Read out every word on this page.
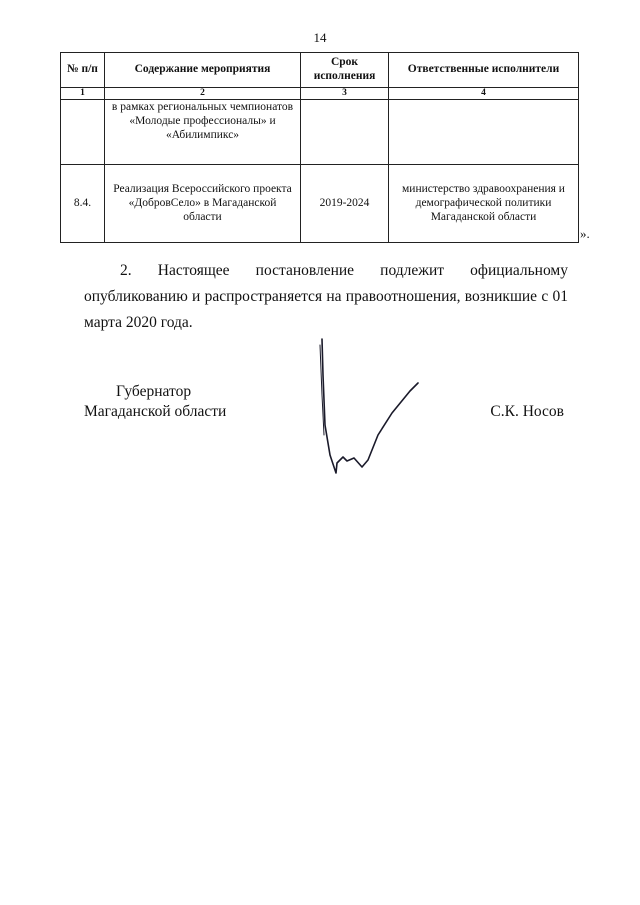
14
№ п/п	Содержание мероприятия	Срок исполнения	Ответственные исполнители
1	2	3	4
	в рамках региональных чемпионатов «Молодые профессионалы» и «Абилимпикс»		
8.4.	Реализация Всероссийского проекта «ДобровСело» в Магаданской области	2019-2024	министерство здравоохранения и демографической политики Магаданской области
».
2. Настоящее постановление подлежит официальному опубликованию и распространяется на правоотношения, возникшие с 01 марта 2020 года.
Губернатор
Магаданской области	С.К. Носов
